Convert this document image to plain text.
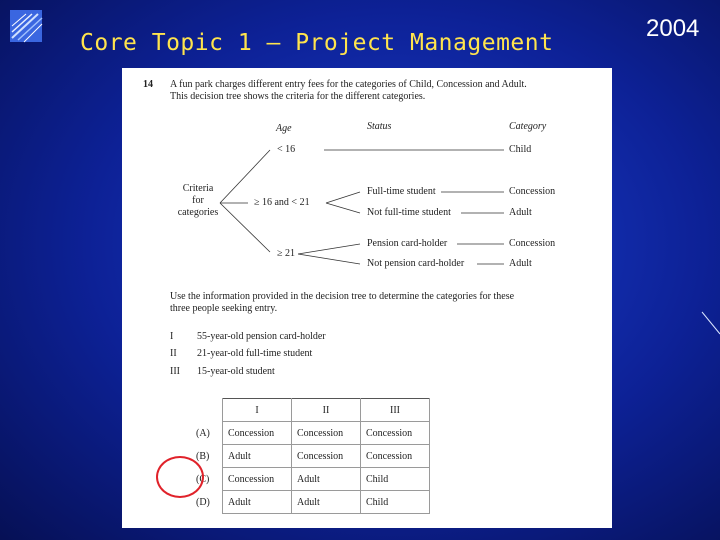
Core Topic 1 – Project Management
2004
14 A fun park charges different entry fees for the categories of Child, Concession and Adult.
This decision tree shows the criteria for the different categories.
Age	Status	Category
Criteria
for
categories
< 16
≥ 16 and < 21
≥ 21
Full-time student
Not full-time student
Pension card-holder
Not pension card-holder
Child
Concession
Adult
Concession
Adult
Use the information provided in the decision tree to determine the categories for these
three people seeking entry.
I 55-year-old pension card-holder
II 21-year-old full-time student
III 15-year-old student
	I	II	III
(A)	Concession	Concession	Concession
(B)	Adult	Concession	Concession
(C)	Concession	Adult	Child
(D)	Adult	Adult	Child
